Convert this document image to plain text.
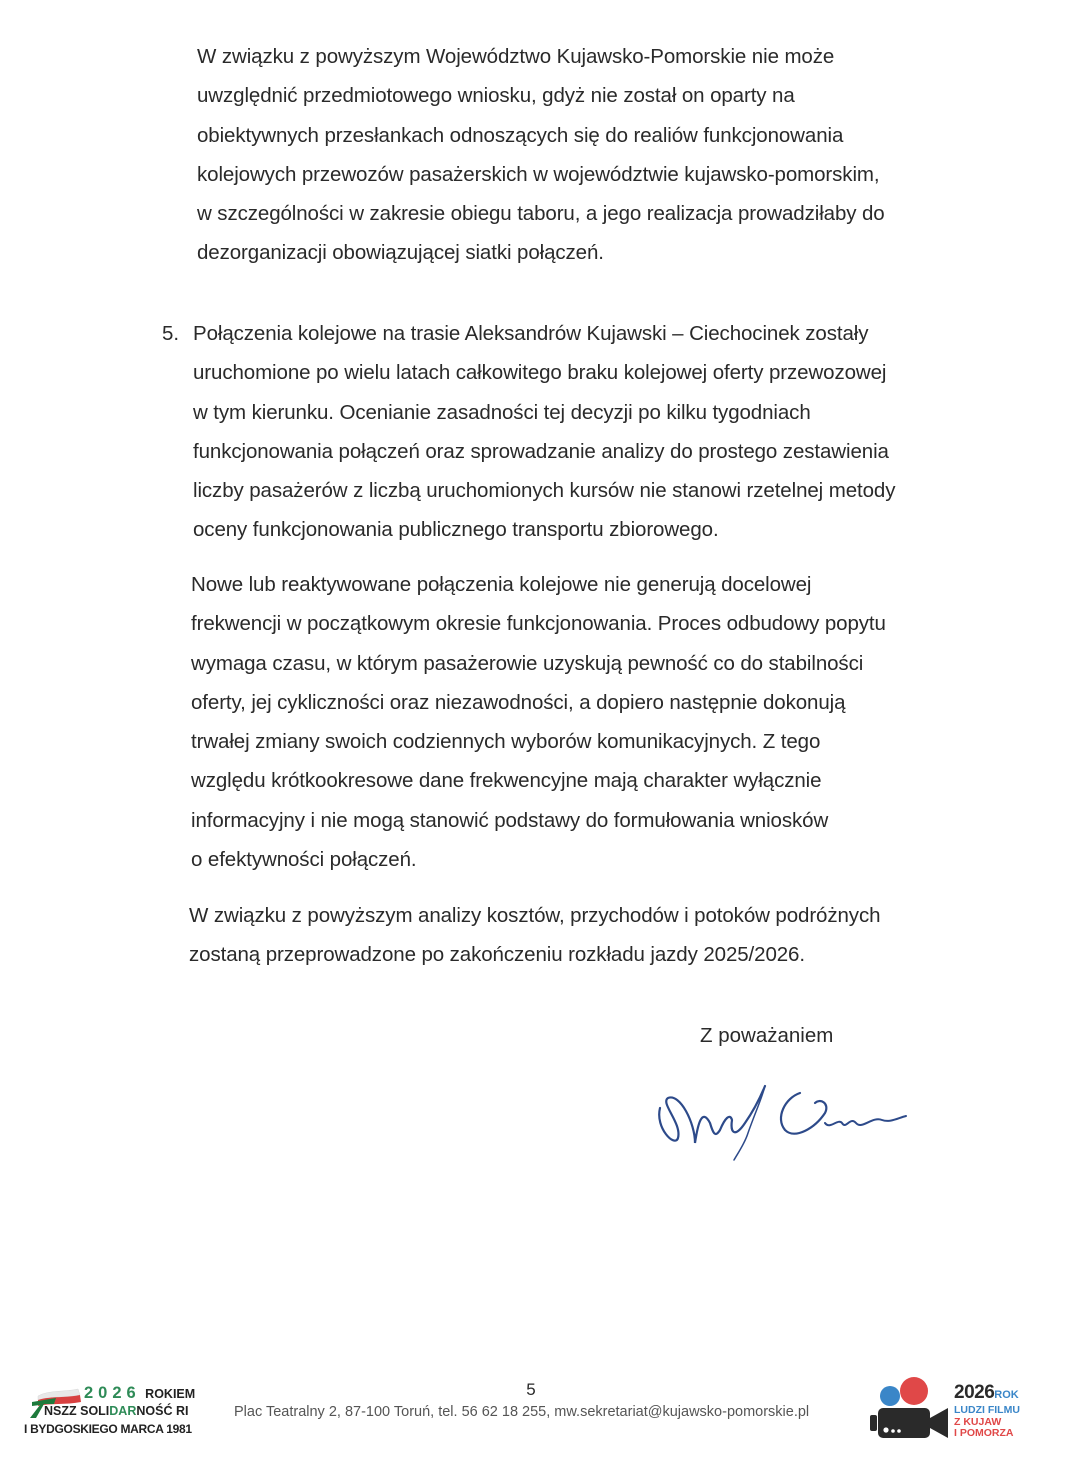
W związku z powyższym Województwo Kujawsko-Pomorskie nie może
uwzględnić przedmiotowego wniosku, gdyż nie został on oparty na
obiektywnych przesłankach odnoszących się do realiów funkcjonowania
kolejowych przewozów pasażerskich w województwie kujawsko-pomorskim,
w szczególności w zakresie obiegu taboru, a jego realizacja prowadziłaby do
dezorganizacji obowiązującej siatki połączeń.
5. Połączenia kolejowe na trasie Aleksandrów Kujawski – Ciechocinek zostały
uruchomione po wielu latach całkowitego braku kolejowej oferty przewozowej
w tym kierunku. Ocenianie zasadności tej decyzji po kilku tygodniach
funkcjonowania połączeń oraz sprowadzanie analizy do prostego zestawienia
liczby pasażerów z liczbą uruchomionych kursów nie stanowi rzetelnej metody
oceny funkcjonowania publicznego transportu zbiorowego.
Nowe lub reaktywowane połączenia kolejowe nie generują docelowej
frekwencji w początkowym okresie funkcjonowania. Proces odbudowy popytu
wymaga czasu, w którym pasażerowie uzyskują pewność co do stabilności
oferty, jej cykliczności oraz niezawodności, a dopiero następnie dokonują
trwałej zmiany swoich codziennych wyborów komunikacyjnych. Z tego
względu krótkookresowe dane frekwencyjne mają charakter wyłącznie
informacyjny i nie mogą stanowić podstawy do formułowania wniosków
o efektywności połączeń.
W związku z powyższym analizy kosztów, przychodów i potoków podróżnych
zostaną przeprowadzone po zakończeniu rozkładu jazdy 2025/2026.
Z poważaniem
5
Plac Teatralny 2, 87-100 Toruń, tel. 56 62 18 255, mw.sekretariat@kujawsko-pomorskie.pl
2026 ROKIEM
NSZZ SOLIDARNOŚĆ RI
I BYDGOSKIEGO MARCA 1981
2026ROK
LUDZI FILMU
Z KUJAW
I POMORZA
